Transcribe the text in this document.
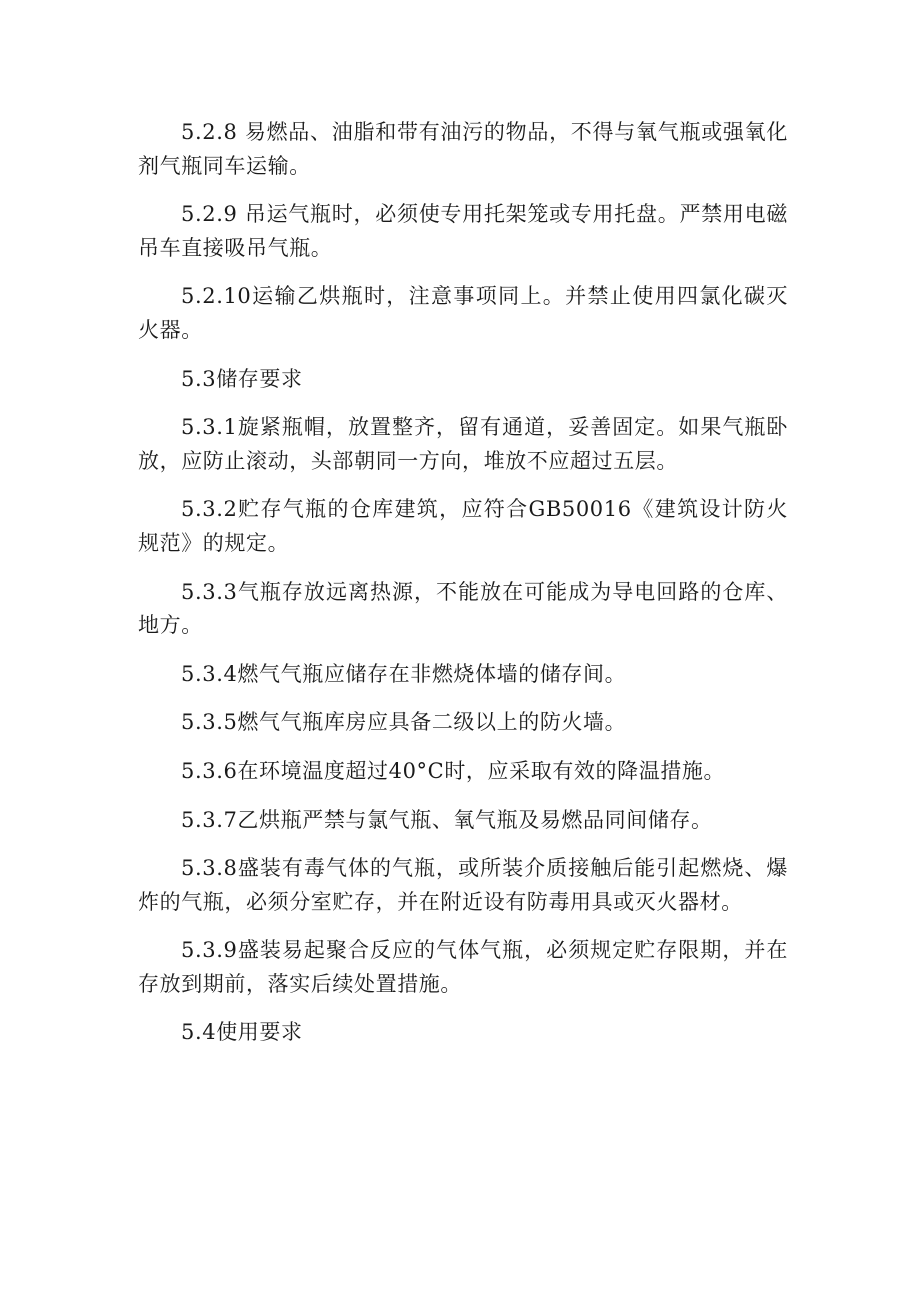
5.2.8 易燃品、油脂和带有油污的物品，不得与氧气瓶或强氧化剂气瓶同车运输。

5.2.9 吊运气瓶时，必须使专用托架笼或专用托盘。严禁用电磁吊车直接吸吊气瓶。

5.2.10运输乙烘瓶时，注意事项同上。并禁止使用四氯化碳灭火器。

5.3储存要求

5.3.1旋紧瓶帽，放置整齐，留有通道，妥善固定。如果气瓶卧放，应防止滚动，头部朝同一方向，堆放不应超过五层。

5.3.2贮存气瓶的仓库建筑，应符合GB50016《建筑设计防火规范》的规定。

5.3.3气瓶存放远离热源，不能放在可能成为导电回路的仓库、地方。

5.3.4燃气气瓶应储存在非燃烧体墙的储存间。

5.3.5燃气气瓶库房应具备二级以上的防火墙。

5.3.6在环境温度超过40°C时，应采取有效的降温措施。

5.3.7乙烘瓶严禁与氯气瓶、氧气瓶及易燃品同间储存。

5.3.8盛装有毒气体的气瓶，或所装介质接触后能引起燃烧、爆炸的气瓶，必须分室贮存，并在附近设有防毒用具或灭火器材。

5.3.9盛装易起聚合反应的气体气瓶，必须规定贮存限期，并在存放到期前，落实后续处置措施。

5.4使用要求
